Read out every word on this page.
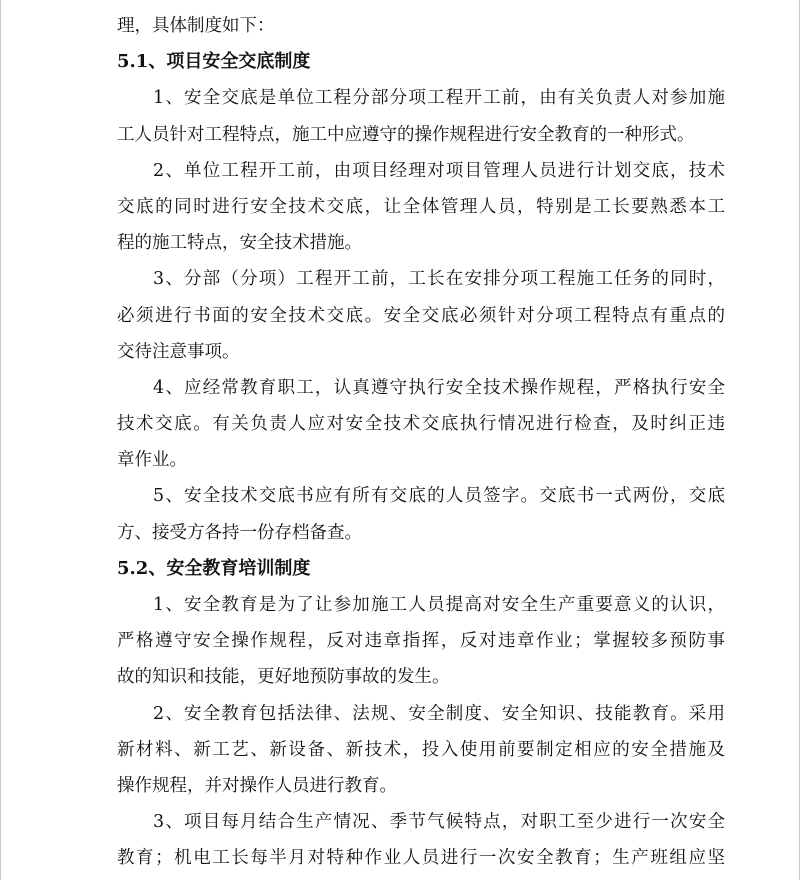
理，具体制度如下：
5.1、项目安全交底制度
1、安全交底是单位工程分部分项工程开工前，由有关负责人对参加施
工人员针对工程特点，施工中应遵守的操作规程进行安全教育的一种形式。
2、单位工程开工前，由项目经理对项目管理人员进行计划交底，技术
交底的同时进行安全技术交底，让全体管理人员，特别是工长要熟悉本工
程的施工特点，安全技术措施。
3、分部（分项）工程开工前，工长在安排分项工程施工任务的同时，
必须进行书面的安全技术交底。安全交底必须针对分项工程特点有重点的
交待注意事项。
4、应经常教育职工，认真遵守执行安全技术操作规程，严格执行安全
技术交底。有关负责人应对安全技术交底执行情况进行检查，及时纠正违
章作业。
5、安全技术交底书应有所有交底的人员签字。交底书一式两份，交底
方、接受方各持一份存档备查。
5.2、安全教育培训制度
1、安全教育是为了让参加施工人员提高对安全生产重要意义的认识，
严格遵守安全操作规程，反对违章指挥，反对违章作业；掌握较多预防事
故的知识和技能，更好地预防事故的发生。
2、安全教育包括法律、法规、安全制度、安全知识、技能教育。采用
新材料、新工艺、新设备、新技术，投入使用前要制定相应的安全措施及
操作规程，并对操作人员进行教育。
3、项目每月结合生产情况、季节气候特点，对职工至少进行一次安全
教育；机电工长每半月对特种作业人员进行一次安全教育；生产班组应坚
